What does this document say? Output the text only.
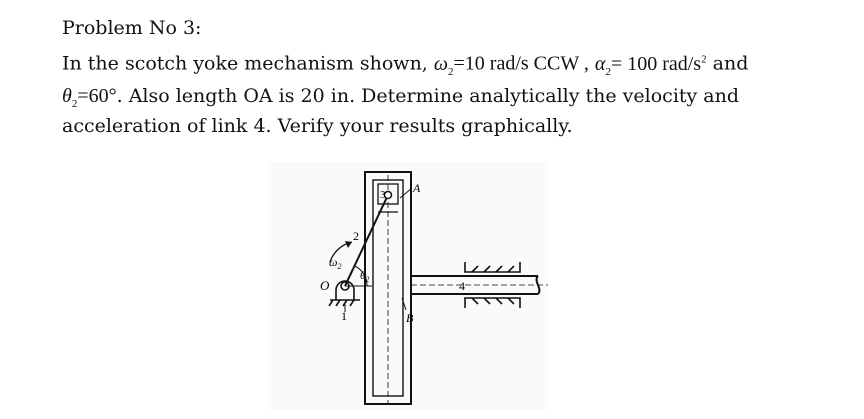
Problem No 3:
In the scotch yoke mechanism shown, $\omega_2=10$ rad/s CCW , $\alpha_2= 100$ rad/$s^2$ and
$\theta_2=60^\circ$. Also length OA is 20 in. Determine analytically the velocity and
acceleration of link 4. Verify your results graphically.
O
1
2
3
4
A
B
$\omega_2$
$\theta_2$
